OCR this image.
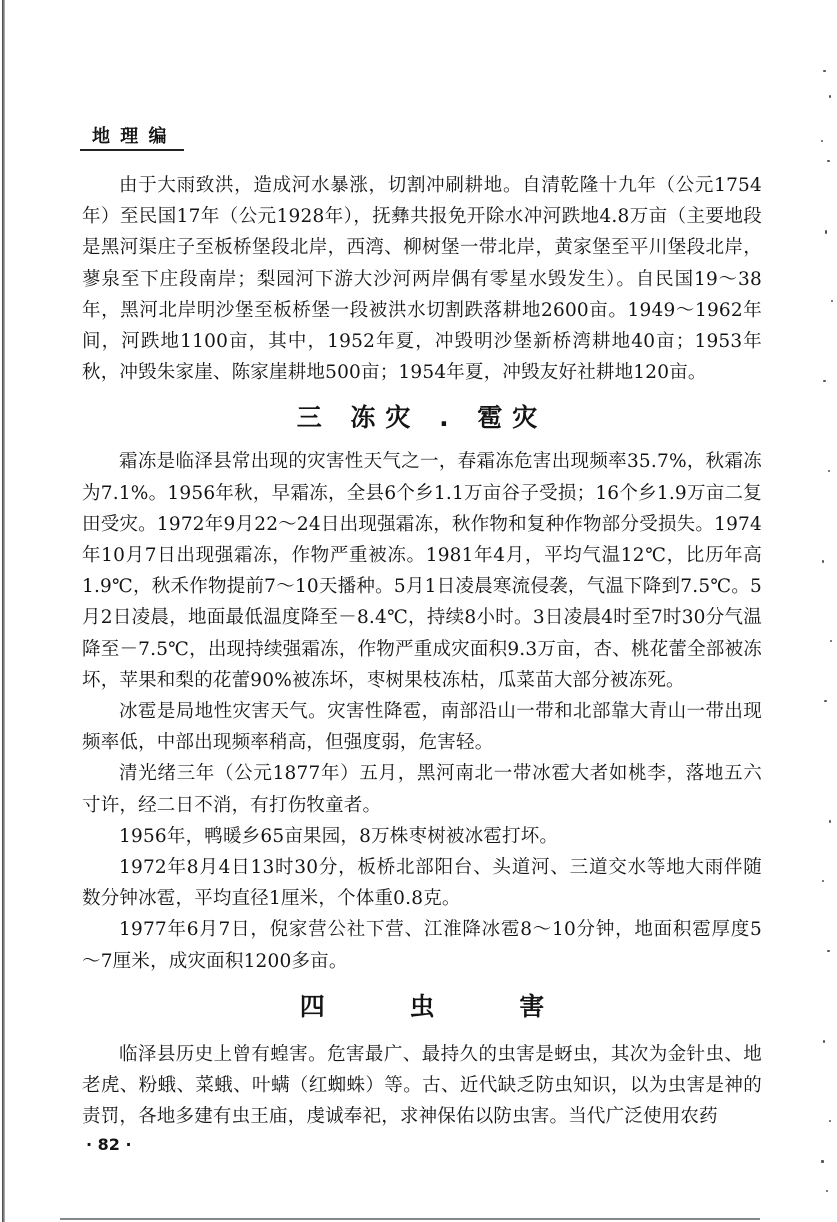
地 理 编

由于大雨致洪，造成河水暴涨，切割冲刷耕地。自清乾隆十九年（公元1754年）至民国17年（公元1928年），抚彝共报免开除水冲河跌地4.8万亩（主要地段是黑河渠庄子至板桥堡段北岸，西湾、柳树堡一带北岸，黄家堡至平川堡段北岸，蓼泉至下庄段南岸；梨园河下游大沙河两岸偶有零星水毁发生）。自民国19～38年，黑河北岸明沙堡至板桥堡一段被洪水切割跌落耕地2600亩。1949～1962年间，河跌地1100亩，其中，1952年夏，冲毁明沙堡新桥湾耕地40亩；1953年秋，冲毁朱家崖、陈家崖耕地500亩；1954年夏，冲毁友好社耕地120亩。

三 冻灾 . 雹灾

霜冻是临泽县常出现的灾害性天气之一，春霜冻危害出现频率35.7%，秋霜冻为7.1%。1956年秋，早霜冻，全县6个乡1.1万亩谷子受损；16个乡1.9万亩二复田受灾。1972年9月22～24日出现强霜冻，秋作物和复种作物部分受损失。1974年10月7日出现强霜冻，作物严重被冻。1981年4月，平均气温12℃，比历年高1.9℃，秋禾作物提前7～10天播种。5月1日凌晨寒流侵袭，气温下降到7.5℃。5月2日凌晨，地面最低温度降至－8.4℃，持续8小时。3日凌晨4时至7时30分气温降至－7.5℃，出现持续强霜冻，作物严重成灾面积9.3万亩，杏、桃花蕾全部被冻坏，苹果和梨的花蕾90%被冻坏，枣树果枝冻枯，瓜菜苗大部分被冻死。

冰雹是局地性灾害天气。灾害性降雹，南部沿山一带和北部靠大青山一带出现频率低，中部出现频率稍高，但强度弱，危害轻。

清光绪三年（公元1877年）五月，黑河南北一带冰雹大者如桃李，落地五六寸许，经二日不消，有打伤牧童者。

1956年，鸭暖乡65亩果园，8万株枣树被冰雹打坏。

1972年8月4日13时30分，板桥北部阳台、头道河、三道交水等地大雨伴随数分钟冰雹，平均直径1厘米，个体重0.8克。

1977年6月7日，倪家营公社下营、江淮降冰雹8～10分钟，地面积雹厚度5～7厘米，成灾面积1200多亩。

四 虫 害

临泽县历史上曾有蝗害。危害最广、最持久的虫害是蚜虫，其次为金针虫、地老虎、粉蛾、菜蛾、叶螨（红蜘蛛）等。古、近代缺乏防虫知识，以为虫害是神的责罚，各地多建有虫王庙，虔诚奉祀，求神保佑以防虫害。当代广泛使用农药

· 82 ·
